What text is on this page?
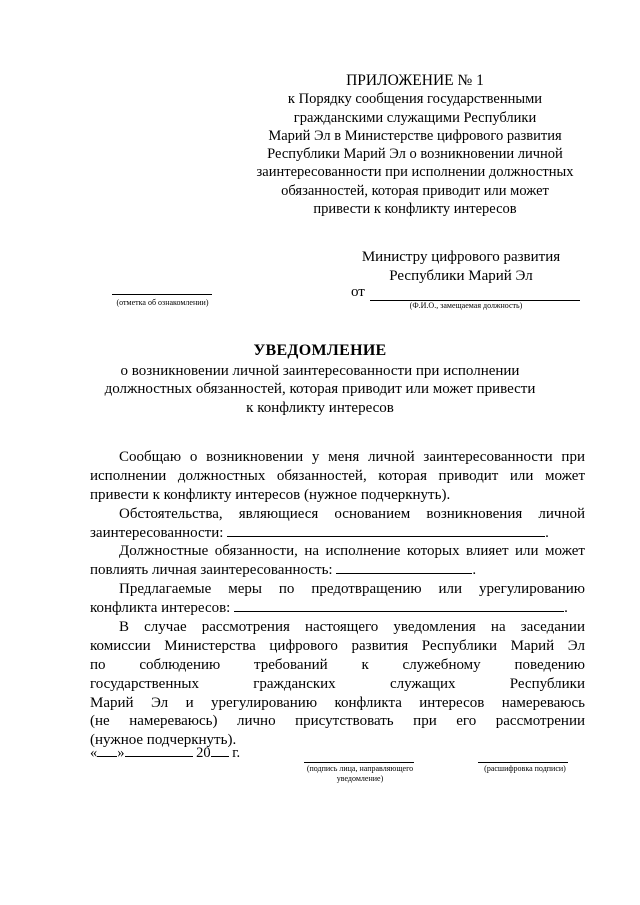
ПРИЛОЖЕНИЕ № 1
к Порядку сообщения государственными
гражданскими служащими Республики
Марий Эл в Министерстве цифрового развития
Республики Марий Эл о возникновении личной
заинтересованности при исполнении должностных
обязанностей, которая приводит или может
привести к конфликту интересов
Министру цифрового развития
Республики Марий Эл
от
(Ф.И.О., замещаемая должность)
(отметка об ознакомлении)
УВЕДОМЛЕНИЕ
о возникновении личной заинтересованности при исполнении
должностных обязанностей, которая приводит или может привести
к конфликту интересов
Сообщаю о возникновении у меня личной заинтересованности при
исполнении должностных обязанностей, которая приводит или может
привести к конфликту интересов (нужное подчеркнуть).
Обстоятельства, являющиеся основанием возникновения личной
заинтересованности:	.
Должностные обязанности, на исполнение которых влияет или может
повлиять личная заинтересованность:	.
Предлагаемые меры по предотвращению или урегулированию
конфликта интересов:	.
В случае рассмотрения настоящего уведомления на заседании
комиссии Министерства цифрового развития Республики Марий Эл
по соблюдению требований к служебному поведению
государственных гражданских служащих Республики
Марий Эл и урегулированию конфликта интересов намереваюсь
(не намереваюсь) лично присутствовать при его рассмотрении
(нужное подчеркнуть).
« »	20 г.
(подпись лица, направляющего
уведомление)
(расшифровка подписи)
